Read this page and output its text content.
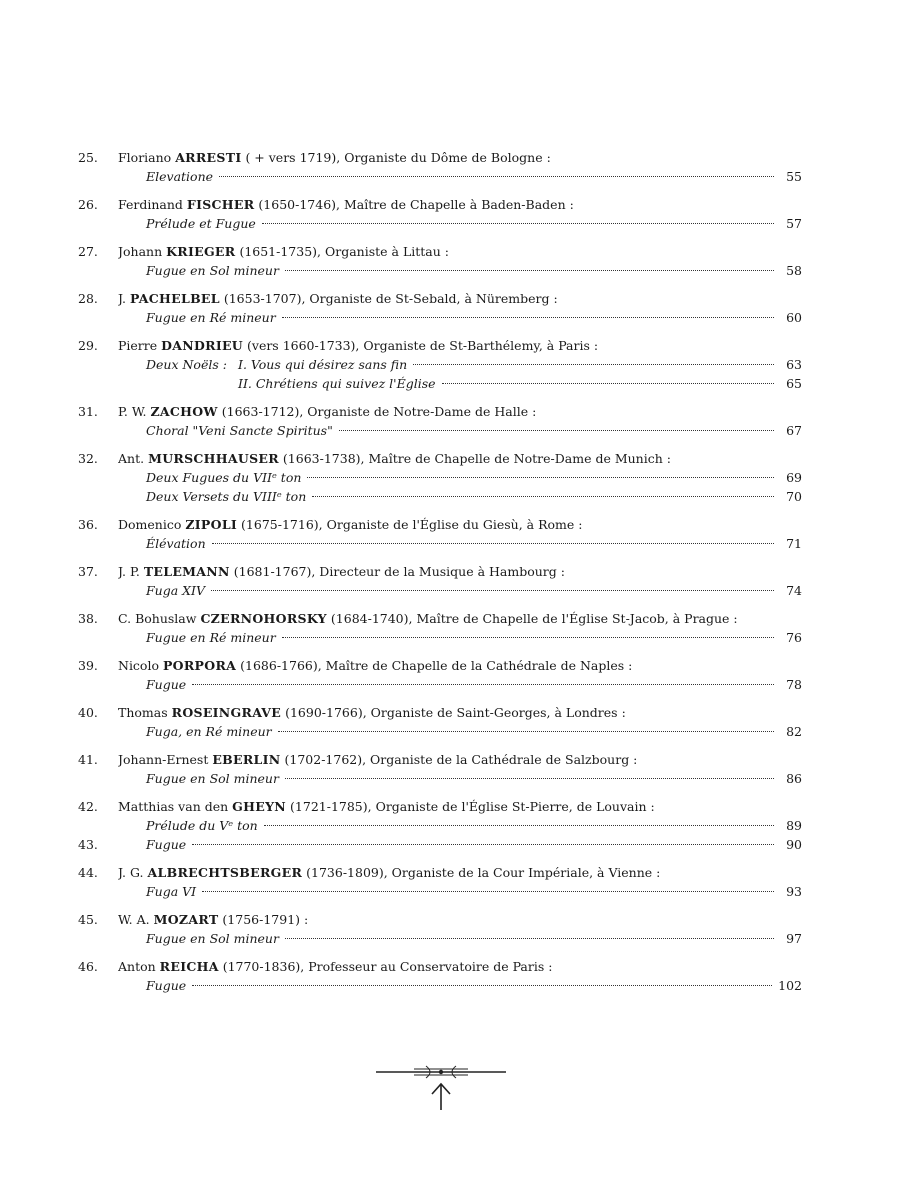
25.	Floriano ARRESTI ( + vers 1719), Organiste du Dôme de Bologne :
Elevatione	55
26.	Ferdinand FISCHER (1650-1746), Maître de Chapelle à Baden-Baden :
Prélude et Fugue	57
27.	Johann KRIEGER (1651-1735), Organiste à Littau :
Fugue en Sol mineur	58
28.	J. PACHELBEL (1653-1707), Organiste de St-Sebald, à Nüremberg :
Fugue en Ré mineur	60
29.	Pierre DANDRIEU (vers 1660-1733), Organiste de St-Barthélemy, à Paris :
Deux Noëls : I. Vous qui désirez sans fin	63
II. Chrétiens qui suivez l'Église	65
31.	P. W. ZACHOW (1663-1712), Organiste de Notre-Dame de Halle :
Choral "Veni Sancte Spiritus"	67
32.	Ant. MURSCHHAUSER (1663-1738), Maître de Chapelle de Notre-Dame de Munich :
Deux Fugues du VIIᵉ ton	69
Deux Versets du VIIIᵉ ton	70
36.	Domenico ZIPOLI (1675-1716), Organiste de l'Église du Giesù, à Rome :
Élévation	71
37.	J. P. TELEMANN (1681-1767), Directeur de la Musique à Hambourg :
Fuga XIV	74
38.	C. Bohuslaw CZERNOHORSKY (1684-1740), Maître de Chapelle de l'Église St-Jacob, à Prague :
Fugue en Ré mineur	76
39.	Nicolo PORPORA (1686-1766), Maître de Chapelle de la Cathédrale de Naples :
Fugue	78
40.	Thomas ROSEINGRAVE (1690-1766), Organiste de Saint-Georges, à Londres :
Fuga, en Ré mineur	82
41.	Johann-Ernest EBERLIN (1702-1762), Organiste de la Cathédrale de Salzbourg :
Fugue en Sol mineur	86
42.	Matthias van den GHEYN (1721-1785), Organiste de l'Église St-Pierre, de Louvain :
Prélude du Vᵉ ton	89
43.	Fugue	90
44.	J. G. ALBRECHTSBERGER (1736-1809), Organiste de la Cour Impériale, à Vienne :
Fuga VI	93
45.	W. A. MOZART (1756-1791) :
Fugue en Sol mineur	97
46.	Anton REICHA (1770-1836), Professeur au Conservatoire de Paris :
Fugue	102
